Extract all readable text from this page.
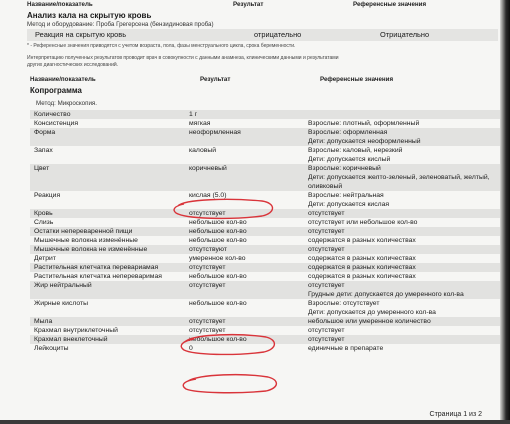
Название/показатель	Результат	Референсные значения
Анализ кала на скрытую кровь
Метод и оборудование: Проба Грегерсена (бензидиновая проба)
Реакция на скрытую кровь	отрицательно	Отрицательно
* - Референсные значения приводятся с учетом возраста, пола, фазы менструального цикла, срока беременности.
Интерпретацию полученных результатов проводит врач в совокупности с данными анамнеза, клиническими данными и результатами других диагностических исследований.
Название/показатель	Результат	Референсные значения
Копрограмма
Метод: Микроскопия.
Количество	1 г	
Консистенция	мягкая	Взрослые: плотный, оформленный
Форма	неоформленная	Взрослые: оформленная
Дети: допускается неоформленный
Запах	каловый	Взрослые: каловый, нерезкий
Дети: допускается кислый
Цвет	коричневый	Взрослые: коричневый
Дети: допускается желто-зеленый, зеленоватый, желтый, оливковый
Реакция	кислая (5.0)	Взрослые: нейтральная
Дети: допускается кислая
Кровь	отсутствует	отсутствует
Слизь	небольшое кол-во	отсутствует или небольшое кол-во
Остатки непереваренной пищи	небольшое кол-во	отсутствует
Мышечные волокна изменённые	небольшое кол-во	содержатся в разных количествах
Мышечные волокна не изменённые	отсутствуют	отсутствует
Детрит	умеренное кол-во	содержатся в разных количествах
Растительная клетчатка перевариамая	отсутствует	содержатся в разных количествах
Растительная клетчатка непереваримая	небольшое кол-во	содержатся в разных количествах
Жир нейтральный	отсутствует	отсутствует
Грудные дети: допускается до умеренного кол-ва
Жирные кислоты	небольшое кол-во	Взрослые: отсутствует
Дети: допускается до умеренного кол-ва
Мыла	отсутствует	небольшое или умеренное количество
Крахмал внутриклеточный	отсутствует	отсутствует
Крахмал внеклеточный	небольшое кол-во	отсутствует
Лейкоциты	0	единичные в препарате
Страница 1 из 2
